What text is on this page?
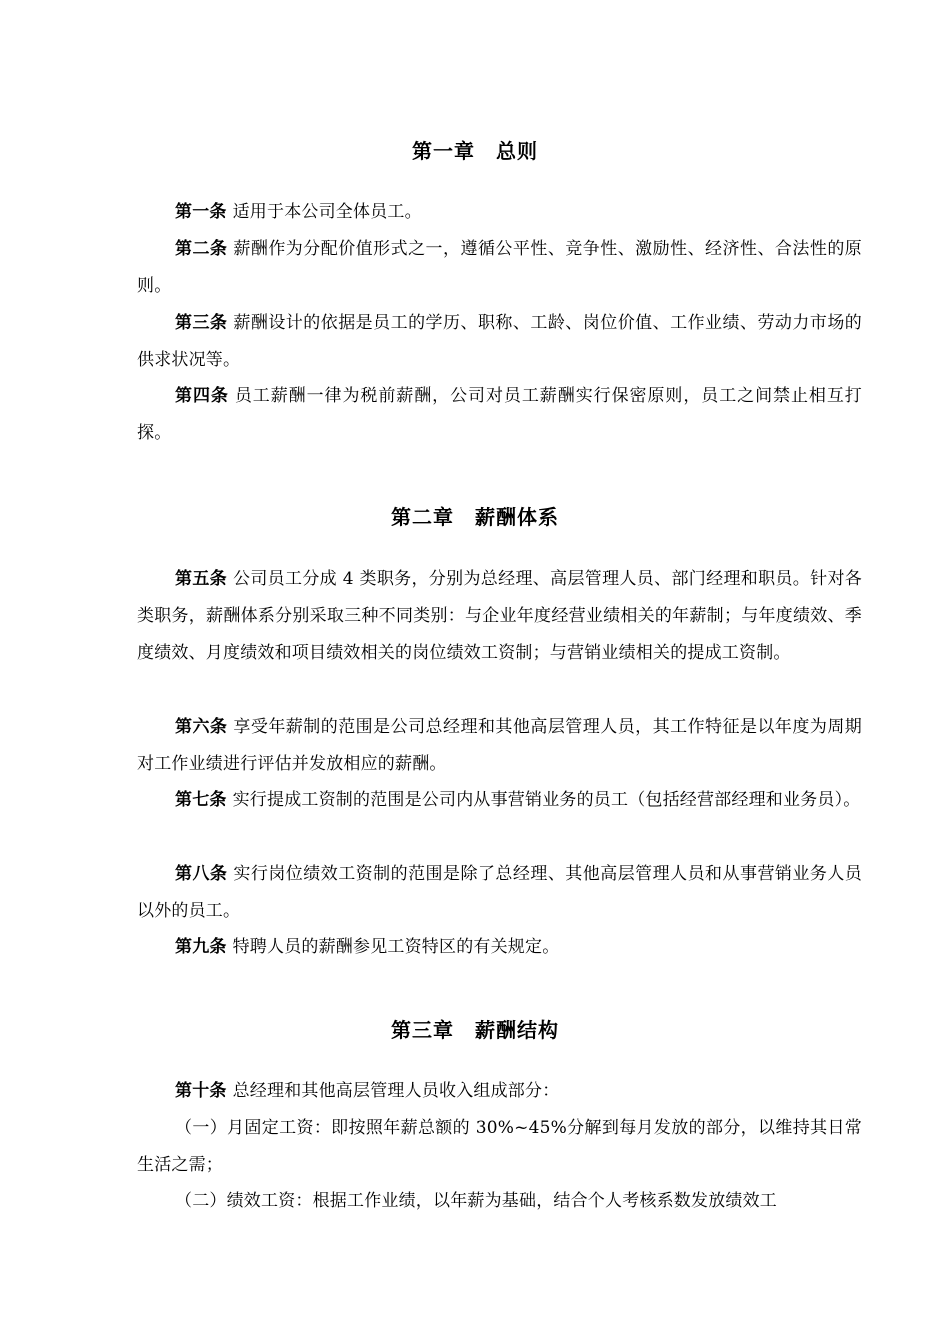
第一章　总则
第一条 适用于本公司全体员工。
第二条 薪酬作为分配价值形式之一，遵循公平性、竞争性、激励性、经济性、合法性的原则。
第三条 薪酬设计的依据是员工的学历、职称、工龄、岗位价值、工作业绩、劳动力市场的供求状况等。
第四条 员工薪酬一律为税前薪酬，公司对员工薪酬实行保密原则，员工之间禁止相互打探。
第二章　薪酬体系
第五条 公司员工分成 4 类职务，分别为总经理、高层管理人员、部门经理和职员。针对各类职务，薪酬体系分别采取三种不同类别：与企业年度经营业绩相关的年薪制；与年度绩效、季度绩效、月度绩效和项目绩效相关的岗位绩效工资制；与营销业绩相关的提成工资制。
第六条 享受年薪制的范围是公司总经理和其他高层管理人员，其工作特征是以年度为周期对工作业绩进行评估并发放相应的薪酬。
第七条 实行提成工资制的范围是公司内从事营销业务的员工（包括经营部经理和业务员）。
第八条 实行岗位绩效工资制的范围是除了总经理、其他高层管理人员和从事营销业务人员以外的员工。
第九条 特聘人员的薪酬参见工资特区的有关规定。
第三章　薪酬结构
第十条 总经理和其他高层管理人员收入组成部分：
（一）月固定工资：即按照年薪总额的 30%~45%分解到每月发放的部分，以维持其日常生活之需；
（二）绩效工资：根据工作业绩，以年薪为基础，结合个人考核系数发放绩效工
